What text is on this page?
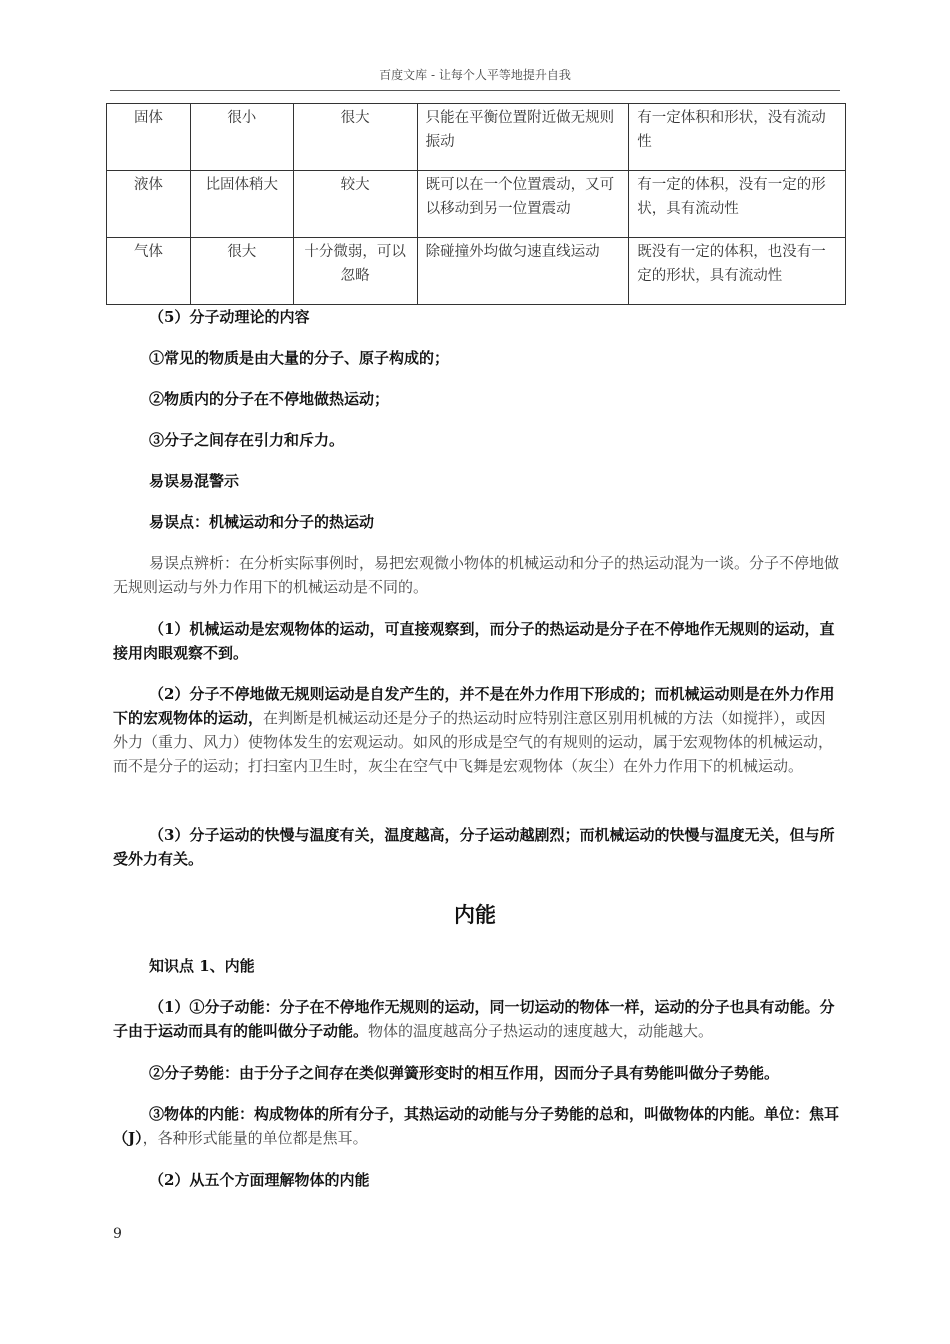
百度文库 - 让每个人平等地提升自我
固体	很小	很大	只能在平衡位置附近做无规则振动	有一定体积和形状，没有流动性
液体	比固体稍大	较大	既可以在一个位置震动，又可以移动到另一位置震动	有一定的体积，没有一定的形状，具有流动性
气体	很大	十分微弱，可以忽略	除碰撞外均做匀速直线运动	既没有一定的体积，也没有一定的形状，具有流动性
（5）分子动理论的内容
①常见的物质是由大量的分子、原子构成的；
②物质内的分子在不停地做热运动；
③分子之间存在引力和斥力。
易误易混警示
易误点：机械运动和分子的热运动
易误点辨析：在分析实际事例时，易把宏观微小物体的机械运动和分子的热运动混为一谈。分子不停地做无规则运动与外力作用下的机械运动是不同的。
（1）机械运动是宏观物体的运动，可直接观察到，而分子的热运动是分子在不停地作无规则的运动，直接用肉眼观察不到。
（2）分子不停地做无规则运动是自发产生的，并不是在外力作用下形成的；而机械运动则是在外力作用下的宏观物体的运动，在判断是机械运动还是分子的热运动时应特别注意区别用机械的方法（如搅拌），或因外力（重力、风力）使物体发生的宏观运动。如风的形成是空气的有规则的运动，属于宏观物体的机械运动，而不是分子的运动；打扫室内卫生时，灰尘在空气中飞舞是宏观物体（灰尘）在外力作用下的机械运动。
（3）分子运动的快慢与温度有关，温度越高，分子运动越剧烈；而机械运动的快慢与温度无关，但与所受外力有关。
内能
知识点 1、内能
（1）①分子动能：分子在不停地作无规则的运动，同一切运动的物体一样，运动的分子也具有动能。分子由于运动而具有的能叫做分子动能。物体的温度越高分子热运动的速度越大，动能越大。
②分子势能：由于分子之间存在类似弹簧形变时的相互作用，因而分子具有势能叫做分子势能。
③物体的内能：构成物体的所有分子，其热运动的动能与分子势能的总和，叫做物体的内能。单位：焦耳（J），各种形式能量的单位都是焦耳。
（2）从五个方面理解物体的内能
9
